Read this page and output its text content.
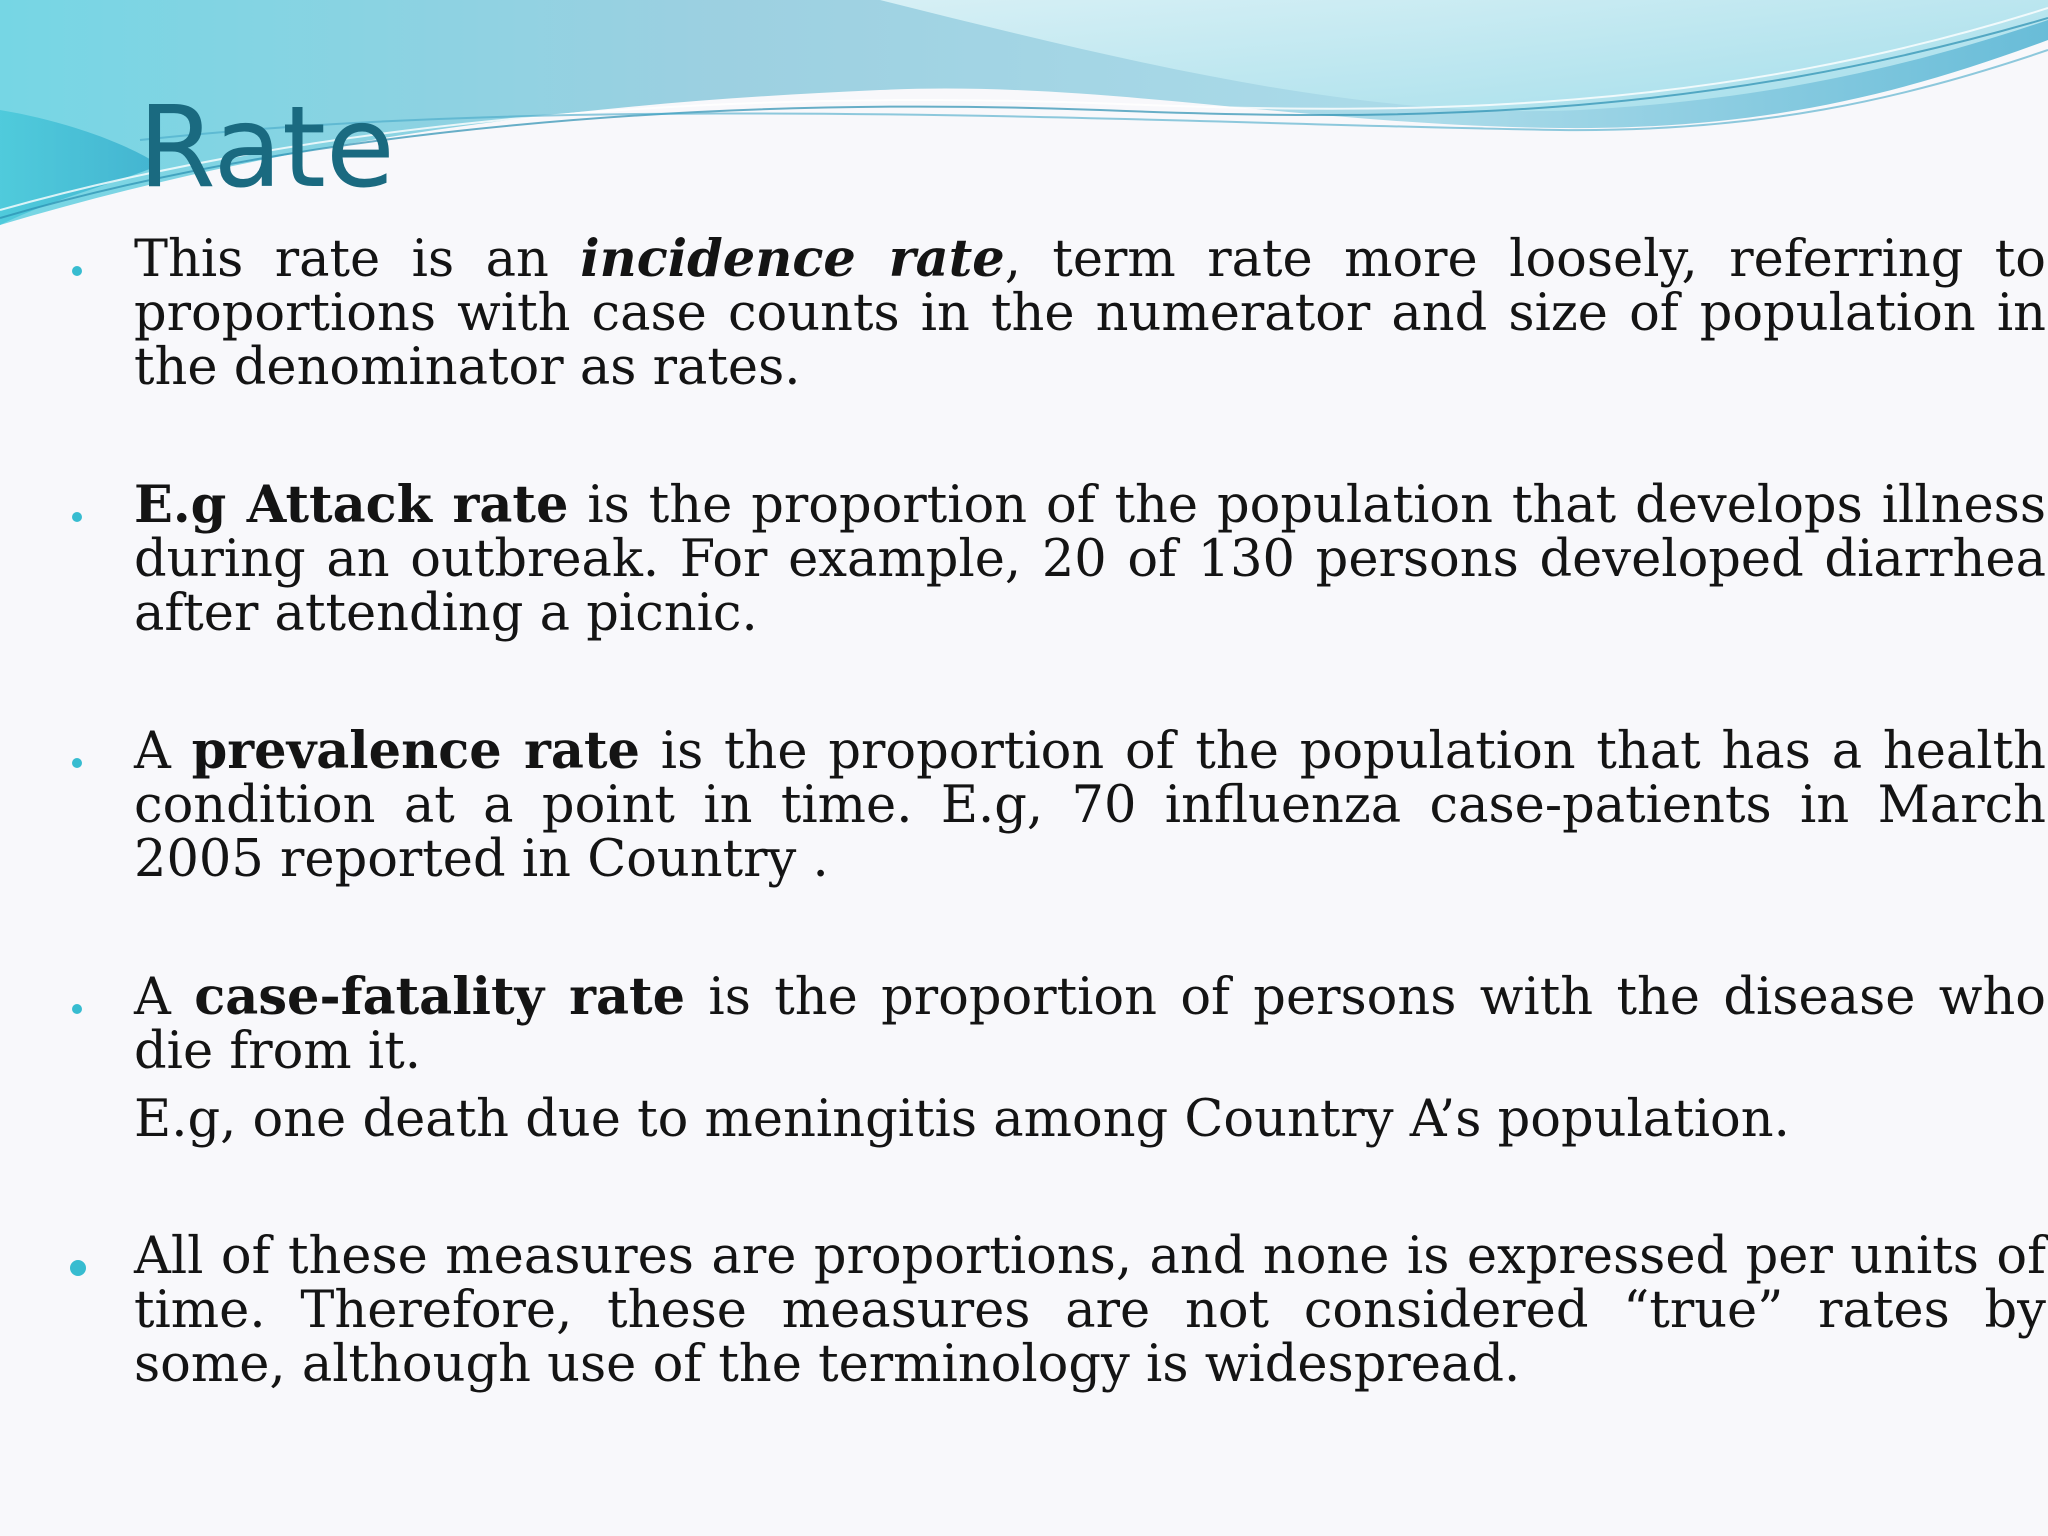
Rate
This rate is an incidence rate, term rate more loosely, referring to proportions with case counts in the numerator and size of population in the denominator as rates.
E.g Attack rate is the proportion of the population that develops illness during an outbreak. For example, 20 of 130 persons developed diarrhea after attending a picnic.
A prevalence rate is the proportion of the population that has a health condition at a point in time. E.g, 70 influenza case-patients in March 2005 reported in Country .
A case-fatality rate is the proportion of persons with the disease who die from it.
E.g, one death due to meningitis among Country A’s population.
All of these measures are proportions, and none is expressed per units of time. Therefore, these measures are not considered “true” rates by some, although use of the terminology is widespread.
